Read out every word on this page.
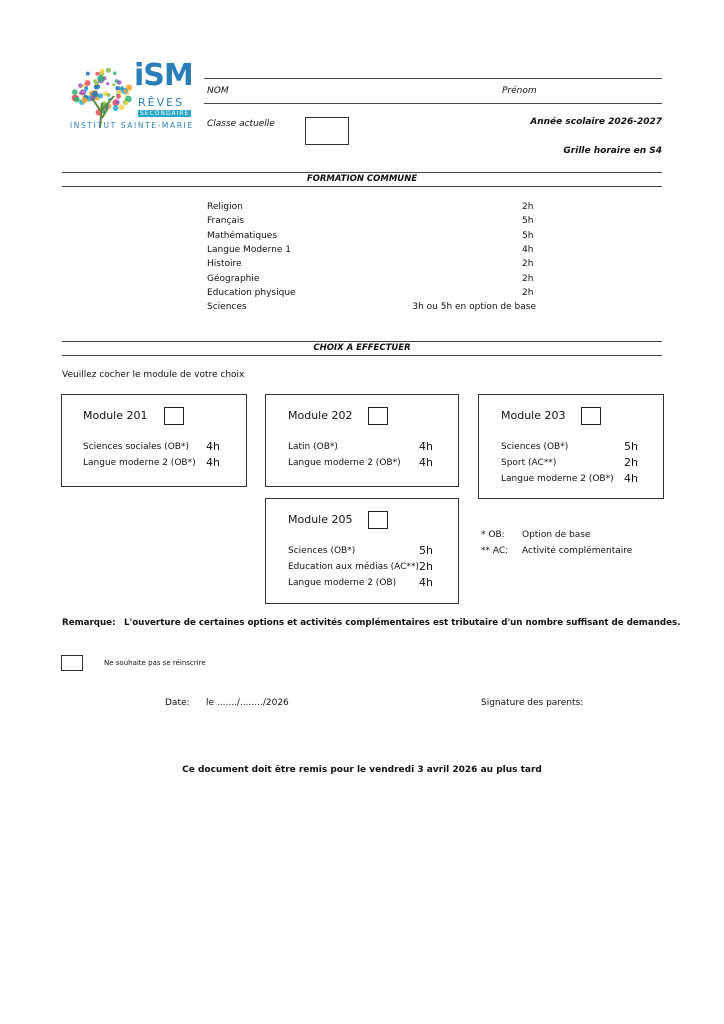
iSM
RÊVES
SECONDAIRE
INSTITUT SAINTE-MARIE
NOM	Prénom
Classe actuelle	Année scolaire 2026-2027
Grille horaire en S4
FORMATION COMMUNE
Religion	2h
Français	5h
Mathématiques	5h
Langue Moderne 1	4h
Histoire	2h
Géographie	2h
Education physique	2h
Sciences	3h ou 5h en option de base
CHOIX A EFFECTUER
Veuillez cocher le module de votre choix
Module 201
Sciences sociales (OB*) 4h
Langue moderne 2 (OB*) 4h
Module 202
Latin (OB*)	4h
Langue moderne 2 (OB*) 4h
Module 203
Sciences (OB*)	5h
Sport (AC**)	2h
Langue moderne 2 (OB*) 4h
Module 205
Sciences (OB*)	5h
Education aux médias (AC**) 2h
Langue moderne 2 (OB) 4h
* OB: Option de base
** AC: Activité complémentaire
Remarque: L'ouverture de certaines options et activités complémentaires est tributaire d'un nombre suffisant de demandes.
Ne souhaite pas se réinscrire
Date: le ......./......../2026	Signature des parents:
Ce document doit être remis pour le vendredi 3 avril 2026 au plus tard
